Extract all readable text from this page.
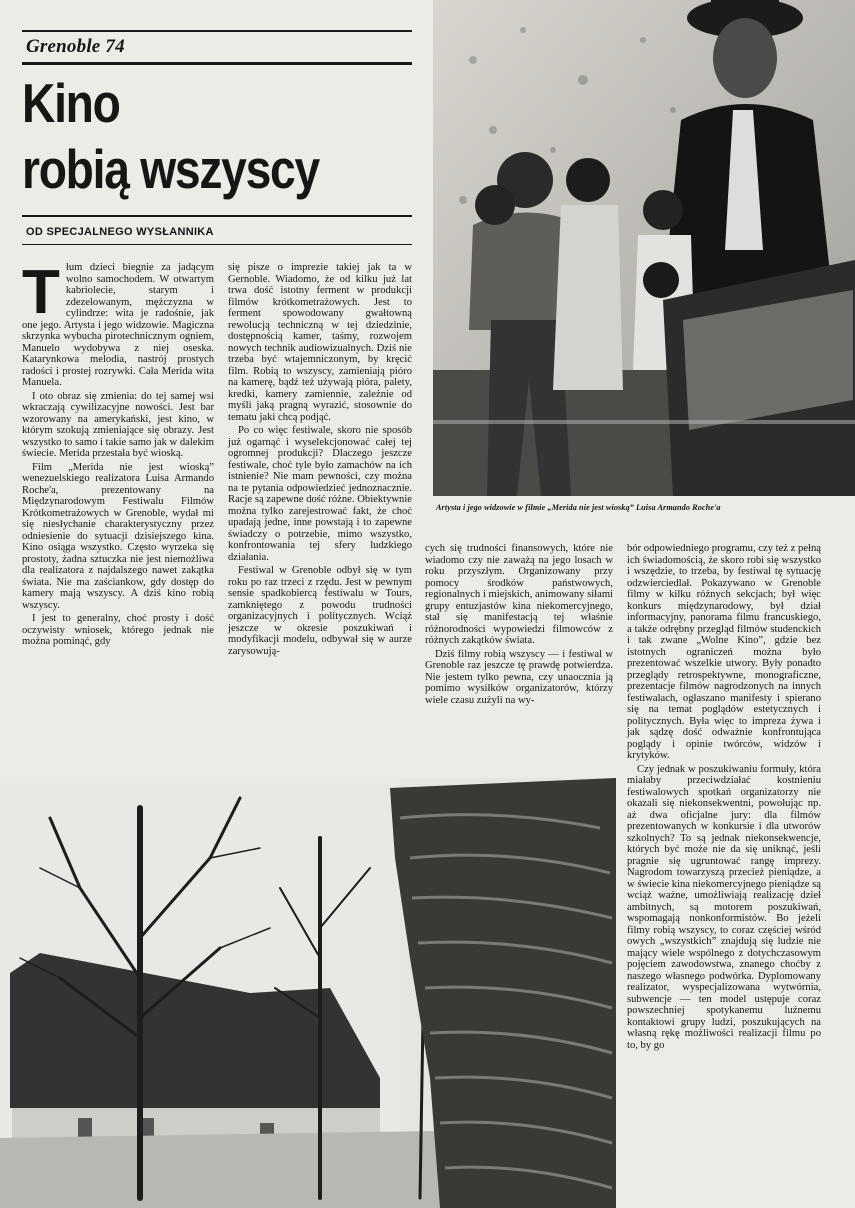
Grenoble 74
Kino
robią wszyscy
OD SPECJALNEGO WYSŁANNIKA
Artysta i jego widzowie w filmie „Merida nie jest wioską” Luisa Armando Roche'a

Tłum dzieci biegnie za jadącym wolno samochodem. W otwartym kabriolecie, starym i zdezelowanym, mężczyzna w cylindrze: wita je radośnie, jak one jego. Artysta i jego widzowie. Magiczna skrzynka wybucha pirotechnicznym ogniem, Manuelo wydobywa z niej oseska. Katarynkowa melodia, nastrój prostych radości i prostej rozrywki. Cała Merida wita Manuela.

I oto obraz się zmienia: do tej samej wsi wkraczają cywilizacyjne nowości. Jest bar wzorowany na amerykański, jest kino, w którym szokują zmieniające się obrazy. Jest wszystko to samo i takie samo jak w dalekim świecie. Merida przestała być wioską.

Film „Merida nie jest wioską” wenezuelskiego realizatora Luisa Armando Roche'a, prezentowany na Międzynarodowym Festiwalu Filmów Krótkometrażowych w Grenoble, wydał mi się niesłychanie charakterystyczny przez odniesienie do sytuacji dzisiejszego kina. Kino osiąga wszystko. Często wyrzeka się prostoty, żadna sztuczka nie jest niemożliwa dla realizatora z najdalszego nawet zakątka świata. Nie ma zaściankow, gdy dostęp do kamery mają wszyscy. A dziś kino robią wszyscy.

I jest to generalny, choć prosty i dość oczywisty wniosek, którego jednak nie można pominąć, gdy

się pisze o imprezie takiej jak ta w Gernoble. Wiadomo, że od kilku już lat trwa dość istotny ferment w produkcji filmów krótkometrażowych. Jest to ferment spowodowany gwałtowną rewolucją techniczną w tej dziedzinie, dostępnością kamer, taśmy, rozwojem nowych technik audiowizualnych. Dziś nie trzeba być wtajemniczonym, by kręcić film. Robią to wszyscy, zamieniają pióro na kamerę, bądź też używają pióra, palety, kredki, kamery zamiennie, zależnie od myśli jaką pragną wyrazić, stosownie do tematu jaki chcą podjąć.

Po co więc festiwale, skoro nie sposób już ogarnąć i wyselekcjonować całej tej ogromnej produkcji? Dlaczego jeszcze festiwale, choć tyle było zamachów na ich istnienie? Nie mam pewności, czy można na te pytania odpowiedzieć jednoznacznie. Racje są zapewne dość różne. Obiektywnie można tylko zarejestrować fakt, że choć upadają jedne, inne powstają i to zapewne świadczy o potrzebie, mimo wszystko, konfrontowania tej sfery ludzkiego działania.

Festiwal w Grenoble odbył się w tym roku po raz trzeci z rzędu. Jest w pewnym sensie spadkobiercą festiwalu w Tours, zamkniętego z powodu trudności organizacyjnych i politycznych. Wciąż jeszcze w okresie poszukiwań i modyfikacji modelu, odbywał się w aurze zarysowują-

cych się trudności finansowych, które nie wiadomo czy nie zaważą na jego losach w roku przyszłym. Organizowany przy pomocy środków państwowych, regionalnych i miejskich, animowany siłami grupy entuzjastów kina niekomercyjnego, stał się manifestacją tej właśnie różnorodności wypowiedzi filmowców z różnych zakątków świata.

Dziś filmy robią wszyscy — i festiwal w Grenoble raz jeszcze tę prawdę potwierdza. Nie jestem tylko pewna, czy unaocznia ją pomimo wysiłków organizatorów, którzy wiele czasu zużyli na wy-

bór odpowiedniego programu, czy też z pełną ich świadomością, że skoro robi się wszystko i wszędzie, to trzeba, by festiwal tę sytuację odzwierciedlał. Pokazywano w Grenoble filmy w kilku różnych sekcjach; był więc konkurs międzynarodowy, był dział informacyjny, panorama filmu francuskiego, a także odrębny przegląd filmów studenckich i tak zwane „Wolne Kino”, gdzie bez istotnych ograniczeń można było prezentować wszelkie utwory. Były ponadto przeglądy retrospektywne, monograficzne, prezentacje filmów nagrodzonych na innych festiwalach, ogłaszano manifesty i spierano się na temat poglądów estetycznych i politycznych. Była więc to impreza żywa i jak sądzę dość odważnie konfrontująca poglądy i opinie twórców, widzów i krytyków.

Czy jednak w poszukiwaniu formuły, która miałaby przeciwdziałać kostnieniu festiwalowych spotkań organizatorzy nie okazali się niekonsekwentni, powołując np. aż dwa oficjalne jury: dla filmów prezentowanych w konkursie i dla utworów szkolnych? To są jednak niekonsekwencje, których być może nie da się uniknąć, jeśli pragnie się ugruntować rangę imprezy. Nagrodom towarzyszą przecież pieniądze, a w świecie kina niekomercyjnego pieniądze są wciąż ważne, umożliwiają realizację dzieł ambitnych, są motorem poszukiwań, wspomagają nonkonformistów. Bo jeżeli filmy robią wszyscy, to coraz częściej wśród owych „wszystkich” znajdują się ludzie nie mający wiele wspólnego z dotychczasowym pojęciem zawodowstwa, znanego choćby z naszego własnego podwórka. Dyplomowany realizator, wyspecjalizowana wytwórnia, subwencje — ten model ustępuje coraz powszechniej spotykanemu luźnemu kontaktowi grupy ludzi, poszukujących na własną rękę możliwości realizacji filmu po to, by go
